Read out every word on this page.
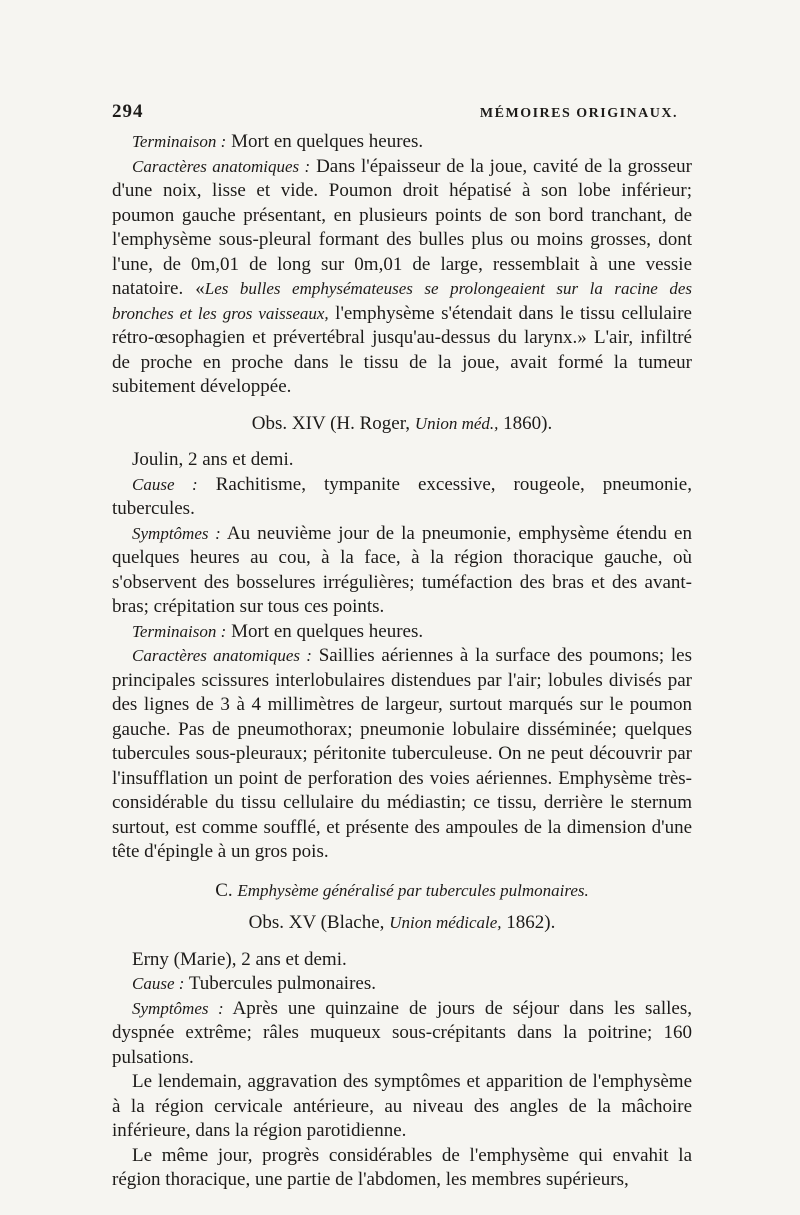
294	MÉMOIRES ORIGINAUX.

Terminaison : Mort en quelques heures.

Caractères anatomiques : Dans l'épaisseur de la joue, cavité de la grosseur d'une noix, lisse et vide. Poumon droit hépatisé à son lobe inférieur; poumon gauche présentant, en plusieurs points de son bord tranchant, de l'emphysème sous-pleural formant des bulles plus ou moins grosses, dont l'une, de 0m,01 de long sur 0m,01 de large, ressemblait à une vessie natatoire. «Les bulles emphysémateuses se prolongeaient sur la racine des bronches et les gros vaisseaux, l'emphysème s'étendait dans le tissu cellulaire rétro-œsophagien et prévertébral jusqu'au-dessus du larynx.» L'air, infiltré de proche en proche dans le tissu de la joue, avait formé la tumeur subitement développée.

Obs. XIV (H. Roger, Union méd., 1860).

Joulin, 2 ans et demi.

Cause : Rachitisme, tympanite excessive, rougeole, pneumonie, tubercules.

Symptômes : Au neuvième jour de la pneumonie, emphysème étendu en quelques heures au cou, à la face, à la région thoracique gauche, où s'observent des bosselures irrégulières; tuméfaction des bras et des avant-bras; crépitation sur tous ces points.

Terminaison : Mort en quelques heures.

Caractères anatomiques : Saillies aériennes à la surface des poumons; les principales scissures interlobulaires distendues par l'air; lobules divisés par des lignes de 3 à 4 millimètres de largeur, surtout marqués sur le poumon gauche. Pas de pneumothorax; pneumonie lobulaire disséminée; quelques tubercules sous-pleuraux; péritonite tuberculeuse. On ne peut découvrir par l'insufflation un point de perforation des voies aériennes. Emphysème très-considérable du tissu cellulaire du médiastin; ce tissu, derrière le sternum surtout, est comme soufflé, et présente des ampoules de la dimension d'une tête d'épingle à un gros pois.

C. Emphysème généralisé par tubercules pulmonaires.
Obs. XV (Blache, Union médicale, 1862).

Erny (Marie), 2 ans et demi.

Cause : Tubercules pulmonaires.

Symptômes : Après une quinzaine de jours de séjour dans les salles, dyspnée extrême; râles muqueux sous-crépitants dans la poitrine; 160 pulsations.

Le lendemain, aggravation des symptômes et apparition de l'emphysème à la région cervicale antérieure, au niveau des angles de la mâchoire inférieure, dans la région parotidienne.

Le même jour, progrès considérables de l'emphysème qui envahit la région thoracique, une partie de l'abdomen, les membres supérieurs,
